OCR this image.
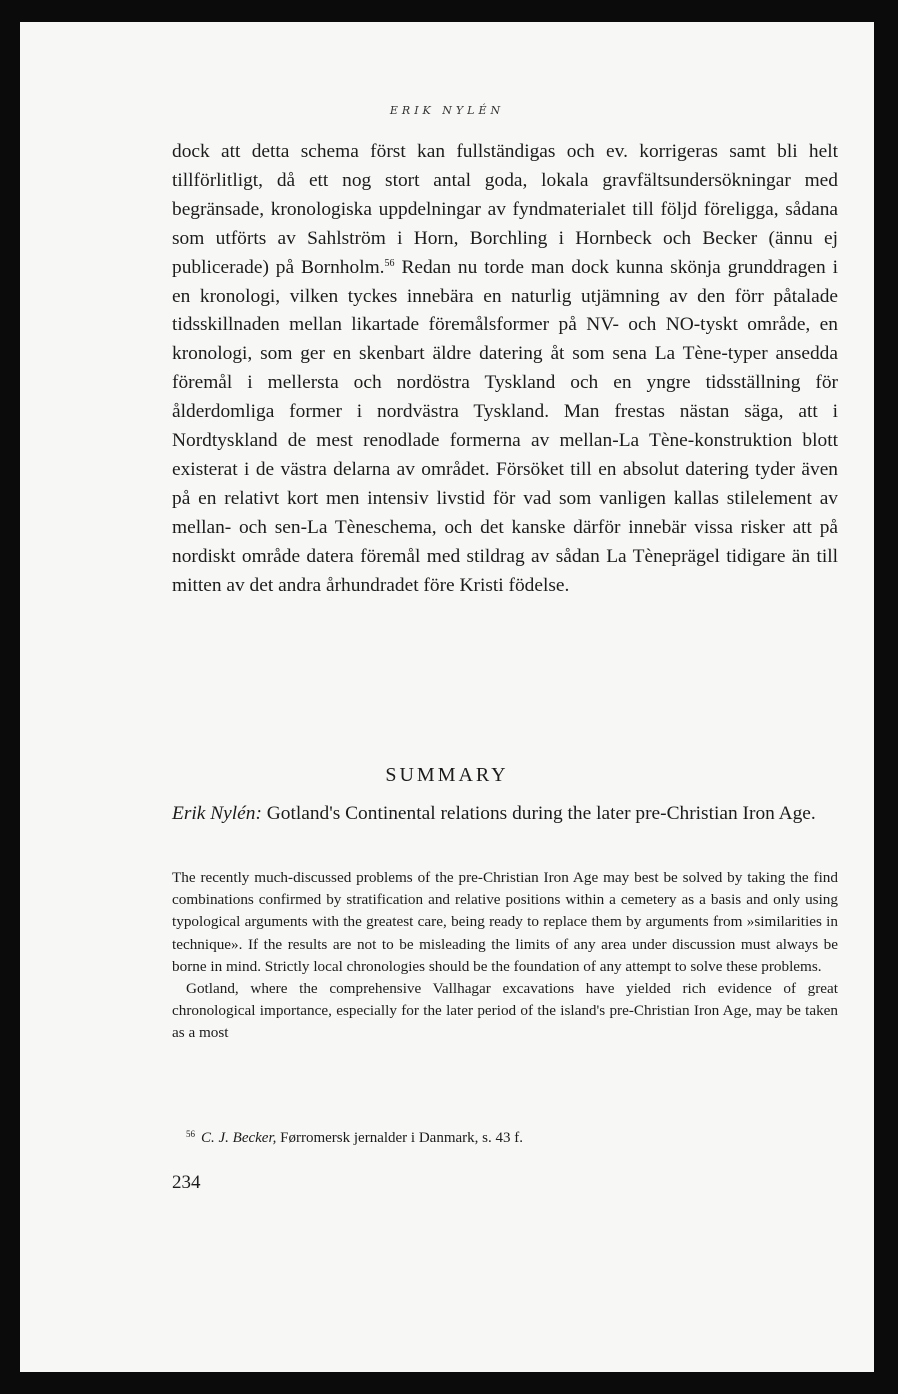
ERIK NYLÉN

dock att detta schema först kan fullständigas och ev. korrigeras samt bli helt tillförlitligt, då ett nog stort antal goda, lokala gravfältsundersökningar med begränsade, kronologiska uppdelningar av fyndmaterialet till följd föreligga, sådana som utförts av Sahlström i Horn, Borchling i Hornbeck och Becker (ännu ej publicerade) på Bornholm.$^{56}$ Redan nu torde man dock kunna skönja grunddragen i en kronologi, vilken tyckes innebära en naturlig utjämning av den förr påtalade tidsskillnaden mellan likartade föremålsformer på NV- och NO-tyskt område, en kronologi, som ger en skenbart äldre datering åt som sena La Tène-typer ansedda föremål i mellersta och nordöstra Tyskland och en yngre tidsställning för ålderdomliga former i nordvästra Tyskland. Man frestas nästan säga, att i Nordtyskland de mest renodlade formerna av mellan-La Tène-konstruktion blott existerat i de västra delarna av området. Försöket till en absolut datering tyder även på en relativt kort men intensiv livstid för vad som vanligen kallas stilelement av mellan- och sen-La Tèneschema, och det kanske därför innebär vissa risker att på nordiskt område datera föremål med stildrag av sådan La Tèneprägel tidigare än till mitten av det andra århundradet före Kristi födelse.

SUMMARY
Erik Nylén: Gotland's Continental relations during the later pre-Christian Iron Age.

The recently much-discussed problems of the pre-Christian Iron Age may best be solved by taking the find combinations confirmed by stratification and relative positions within a cemetery as a basis and only using typological arguments with the greatest care, being ready to replace them by arguments from »similarities in technique». If the results are not to be misleading the limits of any area under discussion must always be borne in mind. Strictly local chronologies should be the foundation of any attempt to solve these problems.

Gotland, where the comprehensive Vallhagar excavations have yielded rich evidence of great chronological importance, especially for the later period of the island's pre-Christian Iron Age, may be taken as a most

$^{56}$ C. J. Becker, Førromersk jernalder i Danmark, s. 43 f.
234
